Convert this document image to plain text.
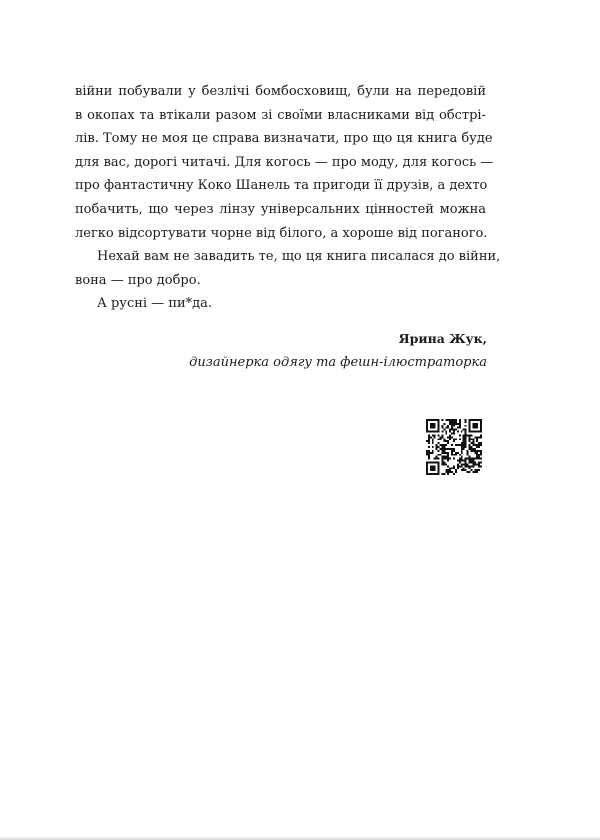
війни побували у безлічі бомбосховищ, були на передовій
в окопах та втікали разом зі своїми власниками від обстрі-
лів. Тому не моя це справа визначати, про що ця книга буде
для вас, дорогі читачі. Для когось — про моду, для когось —
про фантастичну Коко Шанель та пригоди її друзів, а дехто
побачить, що через лінзу універсальних цінностей можна
легко відсортувати чорне від білого, а хороше від поганого.
Нехай вам не завадить те, що ця книга писалася до війни,
вона — про добро.
А русні — пи*да.
Ярина Жук,
дизайнерка одягу та фешн-ілюстраторка
